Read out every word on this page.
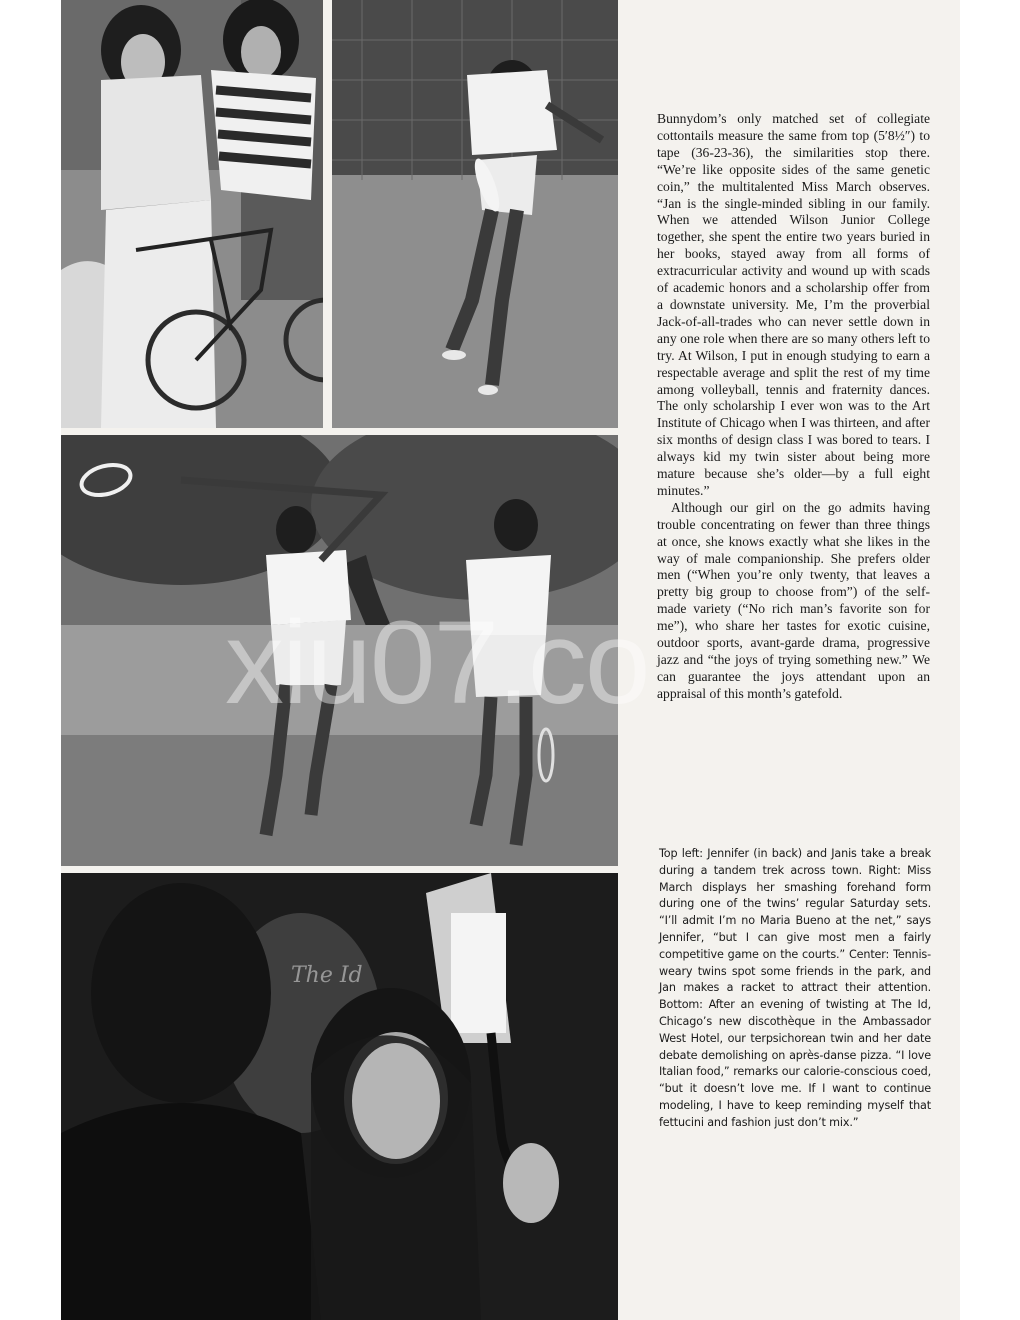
The Id

Bunnydom’s only matched set of collegiate cottontails measure the same from top (5′8½″) to tape (36-23-36), the similarities stop there. “We’re like opposite sides of the same genetic coin,” the multitalented Miss March observes. “Jan is the single-minded sibling in our family. When we attended Wilson Junior College together, she spent the entire two years buried in her books, stayed away from all forms of extracurricular activity and wound up with scads of academic honors and a scholarship offer from a downstate university. Me, I’m the proverbial Jack-of-all-trades who can never settle down in any one role when there are so many others left to try. At Wilson, I put in enough studying to earn a respectable average and split the rest of my time among volleyball, tennis and fraternity dances. The only scholarship I ever won was to the Art Institute of Chicago when I was thirteen, and after six months of design class I was bored to tears. I always kid my twin sister about being more mature because she’s older—by a full eight minutes.”

Although our girl on the go admits having trouble concentrating on fewer than three things at once, she knows exactly what she likes in the way of male companionship. She prefers older men (“When you’re only twenty, that leaves a pretty big group to choose from”) of the self-made variety (“No rich man’s favorite son for me”), who share her tastes for exotic cuisine, outdoor sports, avant-garde drama, progressive jazz and “the joys of trying something new.” We can guarantee the joys attendant upon an appraisal of this month’s gatefold.

Top left: Jennifer (in back) and Janis take a break during a tandem trek across town. Right: Miss March displays her smashing forehand form during one of the twins’ regular Saturday sets. “I’ll admit I’m no Maria Bueno at the net,” says Jennifer, “but I can give most men a fairly competitive game on the courts.” Center: Tennis-weary twins spot some friends in the park, and Jan makes a racket to attract their attention. Bottom: After an evening of twisting at The Id, Chicago’s new discothèque in the Ambassador West Hotel, our terpsichorean twin and her date debate demolishing on après-danse pizza. “I love Italian food,” remarks our calorie-conscious coed, “but it doesn’t love me. If I want to continue modeling, I have to keep reminding myself that fettucini and fashion just don’t mix.”

xiu07.co
